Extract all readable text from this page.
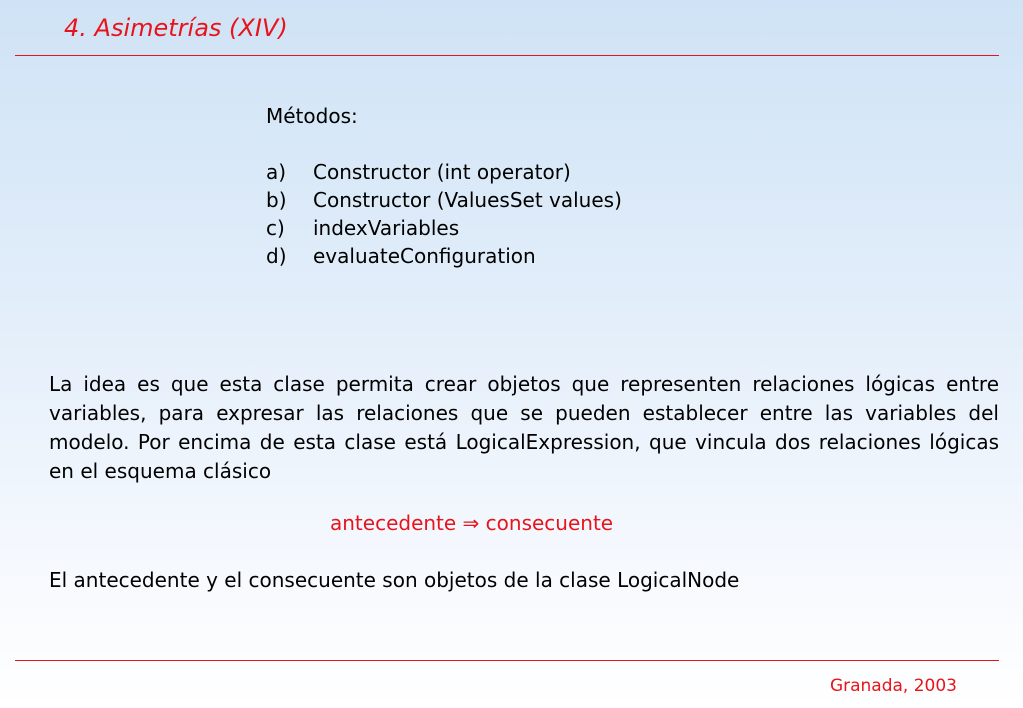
4. Asimetrías (XIV)
Métodos:
a)	Constructor (int operator)
b)	Constructor (ValuesSet values)
c)	indexVariables
d)	evaluateConfiguration
La idea es que esta clase permita crear objetos que representen relaciones lógicas entre variables, para expresar las relaciones que se pueden establecer entre las variables del modelo. Por encima de esta clase está LogicalExpression, que vincula dos relaciones lógicas en el esquema clásico
antecedente ⇒ consecuente
El antecedente y el consecuente son objetos de la clase LogicalNode
Granada, 2003
